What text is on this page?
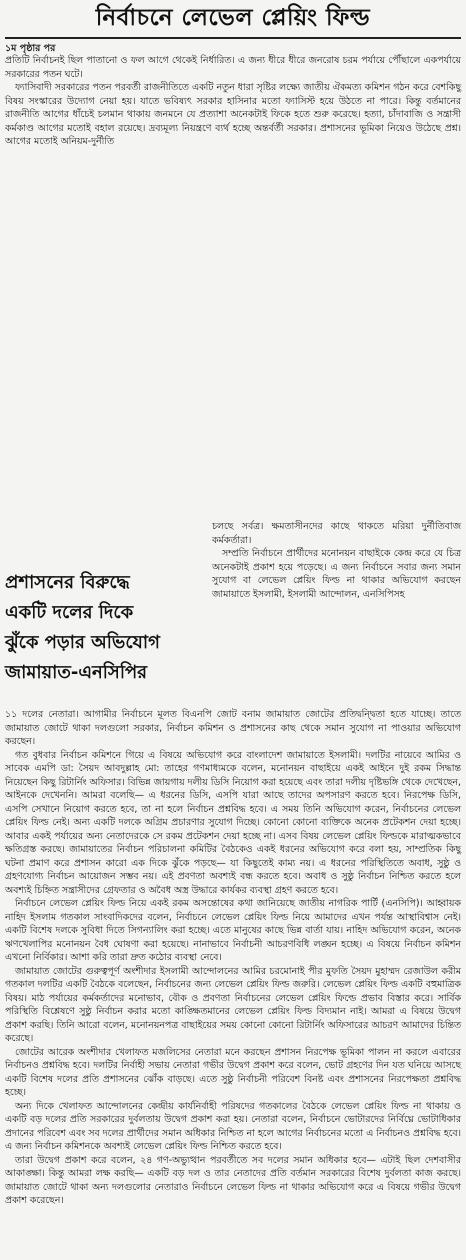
নির্বাচনে লেভেল প্লেয়িং ফিল্ড
১ম পৃষ্ঠার পর

প্রতিটি নির্বাচনই ছিল পাতানো ও ফল আগে থেকেই নির্ধারিত। এ জন্য ধীরে ধীরে জনরোষ চরম পর্যায়ে পৌঁছালে একপর্যায়ে সরকারের পতন ঘটে।

ফ্যাসিবাদী সরকারের পতন পরবর্তী রাজনীতিতে একটি নতুন ধারা সৃষ্টির লক্ষ্যে জাতীয় ঐকমত্য কমিশন গঠন করে বেশকিছু বিষয় সংস্কারের উদ্যোগ নেয়া হয়। যাতে ভবিষ্যৎ সরকার হাসিনার মতো ফ্যাসিস্ট হয়ে উঠতে না পারে। কিন্তু বর্তমানের রাজনীতি আগের ধাঁচেই চলমান থাকায় জনমনে যে প্রত্যাশা অনেকটাই ফিকে হতে শুরু করেছে। হত্যা, চাঁদাবাজি ও সন্ত্রাসী কর্মকাণ্ড আগের মতোই বহাল রয়েছে। দ্রব্যমূল্য নিয়ন্ত্রণে ব্যর্থ হচ্ছে অন্তর্বর্তী সরকার। প্রশাসনের ভূমিকা নিয়েও উঠেছে প্রশ্ন। আগের মতোই অনিয়ম-দুর্নীতি

প্রশাসনের বিরুদ্ধে
একটি দলের দিকে
ঝুঁকে পড়ার অভিযোগ
জামায়াত-এনসিপির

চলছে সর্বত্র। ক্ষমতাসীনদের কাছে থাকতে মরিয়া দুর্নীতিবাজ কর্মকর্তারা।

সম্প্রতি নির্বাচনে প্রার্থীদের মনোনয়ন বাছাইকে কেন্দ্র করে যে চিত্র অনেকটাই প্রকাশ হয়ে পড়েছে। এ জন্য নির্বাচনে সবার জন্য সমান সুযোগ বা লেভেল প্লেয়িং ফিল্ড না থাকার অভিযোগ করছেন জামায়াতে ইসলামী, ইসলামী আন্দোলন, এনসিপিসহ

১১ দলের নেতারা। আগামীর নির্বাচনে মূলত বিএনপি জোট বনাম জামায়াত জোটের প্রতিদ্বন্দ্বিতা হতে যাচ্ছে। তাতে জামায়াত জোটে থাকা দলগুলো সরকার, নির্বাচন কমিশন ও প্রশাসনের কাছ থেকে সমান সুযোগ না পাওয়ার অভিযোগ করছেন।

গত বুধবার নির্বাচন কমিশনে গিয়ে এ বিষয়ে অভিযোগ করে বাংলাদেশ জামায়াতে ইসলামী। দলটির নায়েবে আমির ও সাবেক এমপি ডা: সৈয়দ আবদুল্লাহ মো: তাহের গণমাধ্যমকে বলেন, মনোনয়ন বাছাইয়ে একই আইনে দুই রকম সিদ্ধান্ত নিয়েছেন কিছু রিটার্নিং অফিসার। বিভিন্ন জায়গায় দলীয় ডিসি নিয়োগ করা হয়েছে এবং তারা দলীয় দৃষ্টিভঙ্গি থেকে দেখেছেন, আইনকে দেখেননি। আমরা বলেছি— এ ধরনের ডিসি, এসপি যারা আছে তাদের অপসারণ করতে হবে। নিরপেক্ষ ডিসি, এসপি সেখানে নিয়োগ করতে হবে, তা না হলে নির্বাচন প্রশ্নবিদ্ধ হবে। এ সময় তিনি অভিযোগ করেন, নির্বাচনের লেভেল প্লেয়িং ফিল্ড নেই। অন্য একটি দলকে অগ্রিম প্রচারণার সুযোগ দিচ্ছে। কোনো কোনো ব্যক্তিকে অনেক প্রটেকশন দেয়া হচ্ছে। আবার একই পর্যায়ের অন্য নেতাদেরকে সে রকম প্রটেকশন দেয়া হচ্ছে না। এসব বিষয় লেভেল প্লেয়িং ফিল্ডকে মারাত্মকভাবে ক্ষতিগ্রস্ত করছে। জামায়াতের নির্বাচন পরিচালনা কমিটির বৈঠকেও একই ধরনের অভিযোগ করে বলা হয়, সাম্প্রতিক কিছু ঘটনা প্রমাণ করে প্রশাসন কারো এক দিকে ঝুঁকে পড়ছে— যা কিছুতেই কাম্য নয়। এ ধরনের পরিস্থিতিতে অবাধ, সুষ্ঠু ও গ্রহণযোগ্য নির্বাচন আয়োজন সম্ভব নয়। এই প্রবণতা অবশ্যই বন্ধ করতে হবে। অবাধ ও সুষ্ঠু নির্বাচন নিশ্চিত করতে হলে অবশ্যই চিহ্নিত সন্ত্রাসীদের গ্রেফতার ও অবৈধ অস্ত্র উদ্ধারে কার্যকর ব্যবস্থা গ্রহণ করতে হবে।

নির্বাচনে লেভেল প্লেয়িং ফিল্ড নিয়ে একই রকম অসন্তোষের কথা জানিয়েছে জাতীয় নাগরিক পার্টি (এনসিপি)। আহ্বায়ক নাহিদ ইসলাম গতকাল সাংবাদিকদের বলেন, নির্বাচনে লেভেল প্লেয়িং ফিল্ড নিয়ে আমাদের এখন পর্যন্ত আস্থাবিশ্বাস নেই। একটি বিশেষ দলকে সুবিধা দিতে সিগন্যালিং করা হচ্ছে। এতে মানুষের কাছে ভিন্ন বার্তা যায়। নাহিদ অভিযোগ করেন, অনেক ঋণখেলাপির মনোনয়ন বৈধ ঘোষণা করা হয়েছে। নানাভাবে নির্বাচনী আচরণবিধি লঙ্ঘন হচ্ছে। এ বিষয়ে নির্বাচন কমিশন এখনো নির্বিকার। আশা করি তারা দ্রুত কঠোর ব্যবস্থা নেবে।

জামায়াত জোটের গুরুত্বপূর্ণ অংশীদার ইসলামী আন্দোলনের আমির চরমোনাই পীর মুফতি সৈয়দ মুহাম্মদ রেজাউল করীম গতকাল দলটির একটি বৈঠকে বলেছেন, নির্বাচনের জন্য লেভেল প্লেয়িং ফিল্ড জরুরি। লেভেল প্লেয়িং ফিল্ড একটি বহুমাত্রিক বিষয়। মাঠ পর্যায়ের কর্মকর্তাদের মনোভাব, বৌক ও প্রবণতা নির্বাচনের লেভেল প্লেয়িং ফিল্ডে প্রভাব বিস্তার করে। সার্বিক পরিস্থিতি বিশ্লেষণে সুষ্ঠু নির্বাচন করার মতো কাঙ্ক্ষিতমানের লেভেল প্লেয়িং ফিল্ড বিদ্যমান নাই। আমরা এ বিষয়ে উদ্বেগ প্রকাশ করছি। তিনি আরো বলেন, মনোনয়নপত্র বাছাইয়ের সময় কোনো কোনো রিটার্নিং অফিসারের আচরণ আমাদের চিন্তিত করেছে।

জোটের আরেক অংশীদার খেলাফত মজলিসের নেতারা মনে করছেন প্রশাসন নিরপেক্ষ ভূমিকা পালন না করলে এবারের নির্বাচনও প্রশ্নবিদ্ধ হবে। দলটির নির্বাহী সভায় নেতারা গভীর উদ্বেগ প্রকাশ করে বলেন, ভোট গ্রহণের দিন যত ঘনিয়ে আসছে একটি বিশেষ দলের প্রতি প্রশাসনের ঝোঁক বাড়ছে। এতে সুষ্ঠু নির্বাচনী পরিবেশ বিনষ্ট এবং প্রশাসনের নিরপেক্ষতা প্রশ্নবিদ্ধ হচ্ছে।

অন্য দিকে খেলাফত আন্দোলনের কেন্দ্রীয় কার্যনির্বাহী পরিষদের গতকালের বৈঠকে লেভেল প্লেয়িং ফিল্ড না থাকায় ও একটি বড় দলের প্রতি সরকারের দুর্বলতায় উদ্বেগ প্রকাশ করা হয়। নেতারা বলেন, নির্বাচনে ভোটারদের নির্বিঘ্নে ভোটাধিকার প্রদানের পরিবেশ এবং সব দলের প্রার্থীদের সমান অধিকার নিশ্চিত না হলে আগের নির্বাচনের মতো এ নির্বাচনও প্রশ্নবিদ্ধ হবে। এ জন্য নির্বাচন কমিশনকে অবশ্যই লেভেল প্লেয়িং ফিল্ড নিশ্চিত করতে হবে।

তারা উদ্বেগ প্রকাশ করে বলেন, ২৪ গণ-অভ্যুত্থান পরবর্তীতে সব দলের সমান অধিকার হবে— এটাই ছিল দেশবাসীর আকাঙ্ক্ষা। কিন্তু আমরা লক্ষ করছি— একটি বড় দল ও তার নেতাদের প্রতি বর্তমান সরকারের বিশেষ দুর্বলতা কাজ করছে। জামায়াত জোটে থাকা অন্য দলগুলোর নেতারাও নির্বাচনে লেভেল ফিল্ড না থাকার অভিযোগ করে এ বিষয়ে গভীর উদ্বেগ প্রকাশ করেছেন।
